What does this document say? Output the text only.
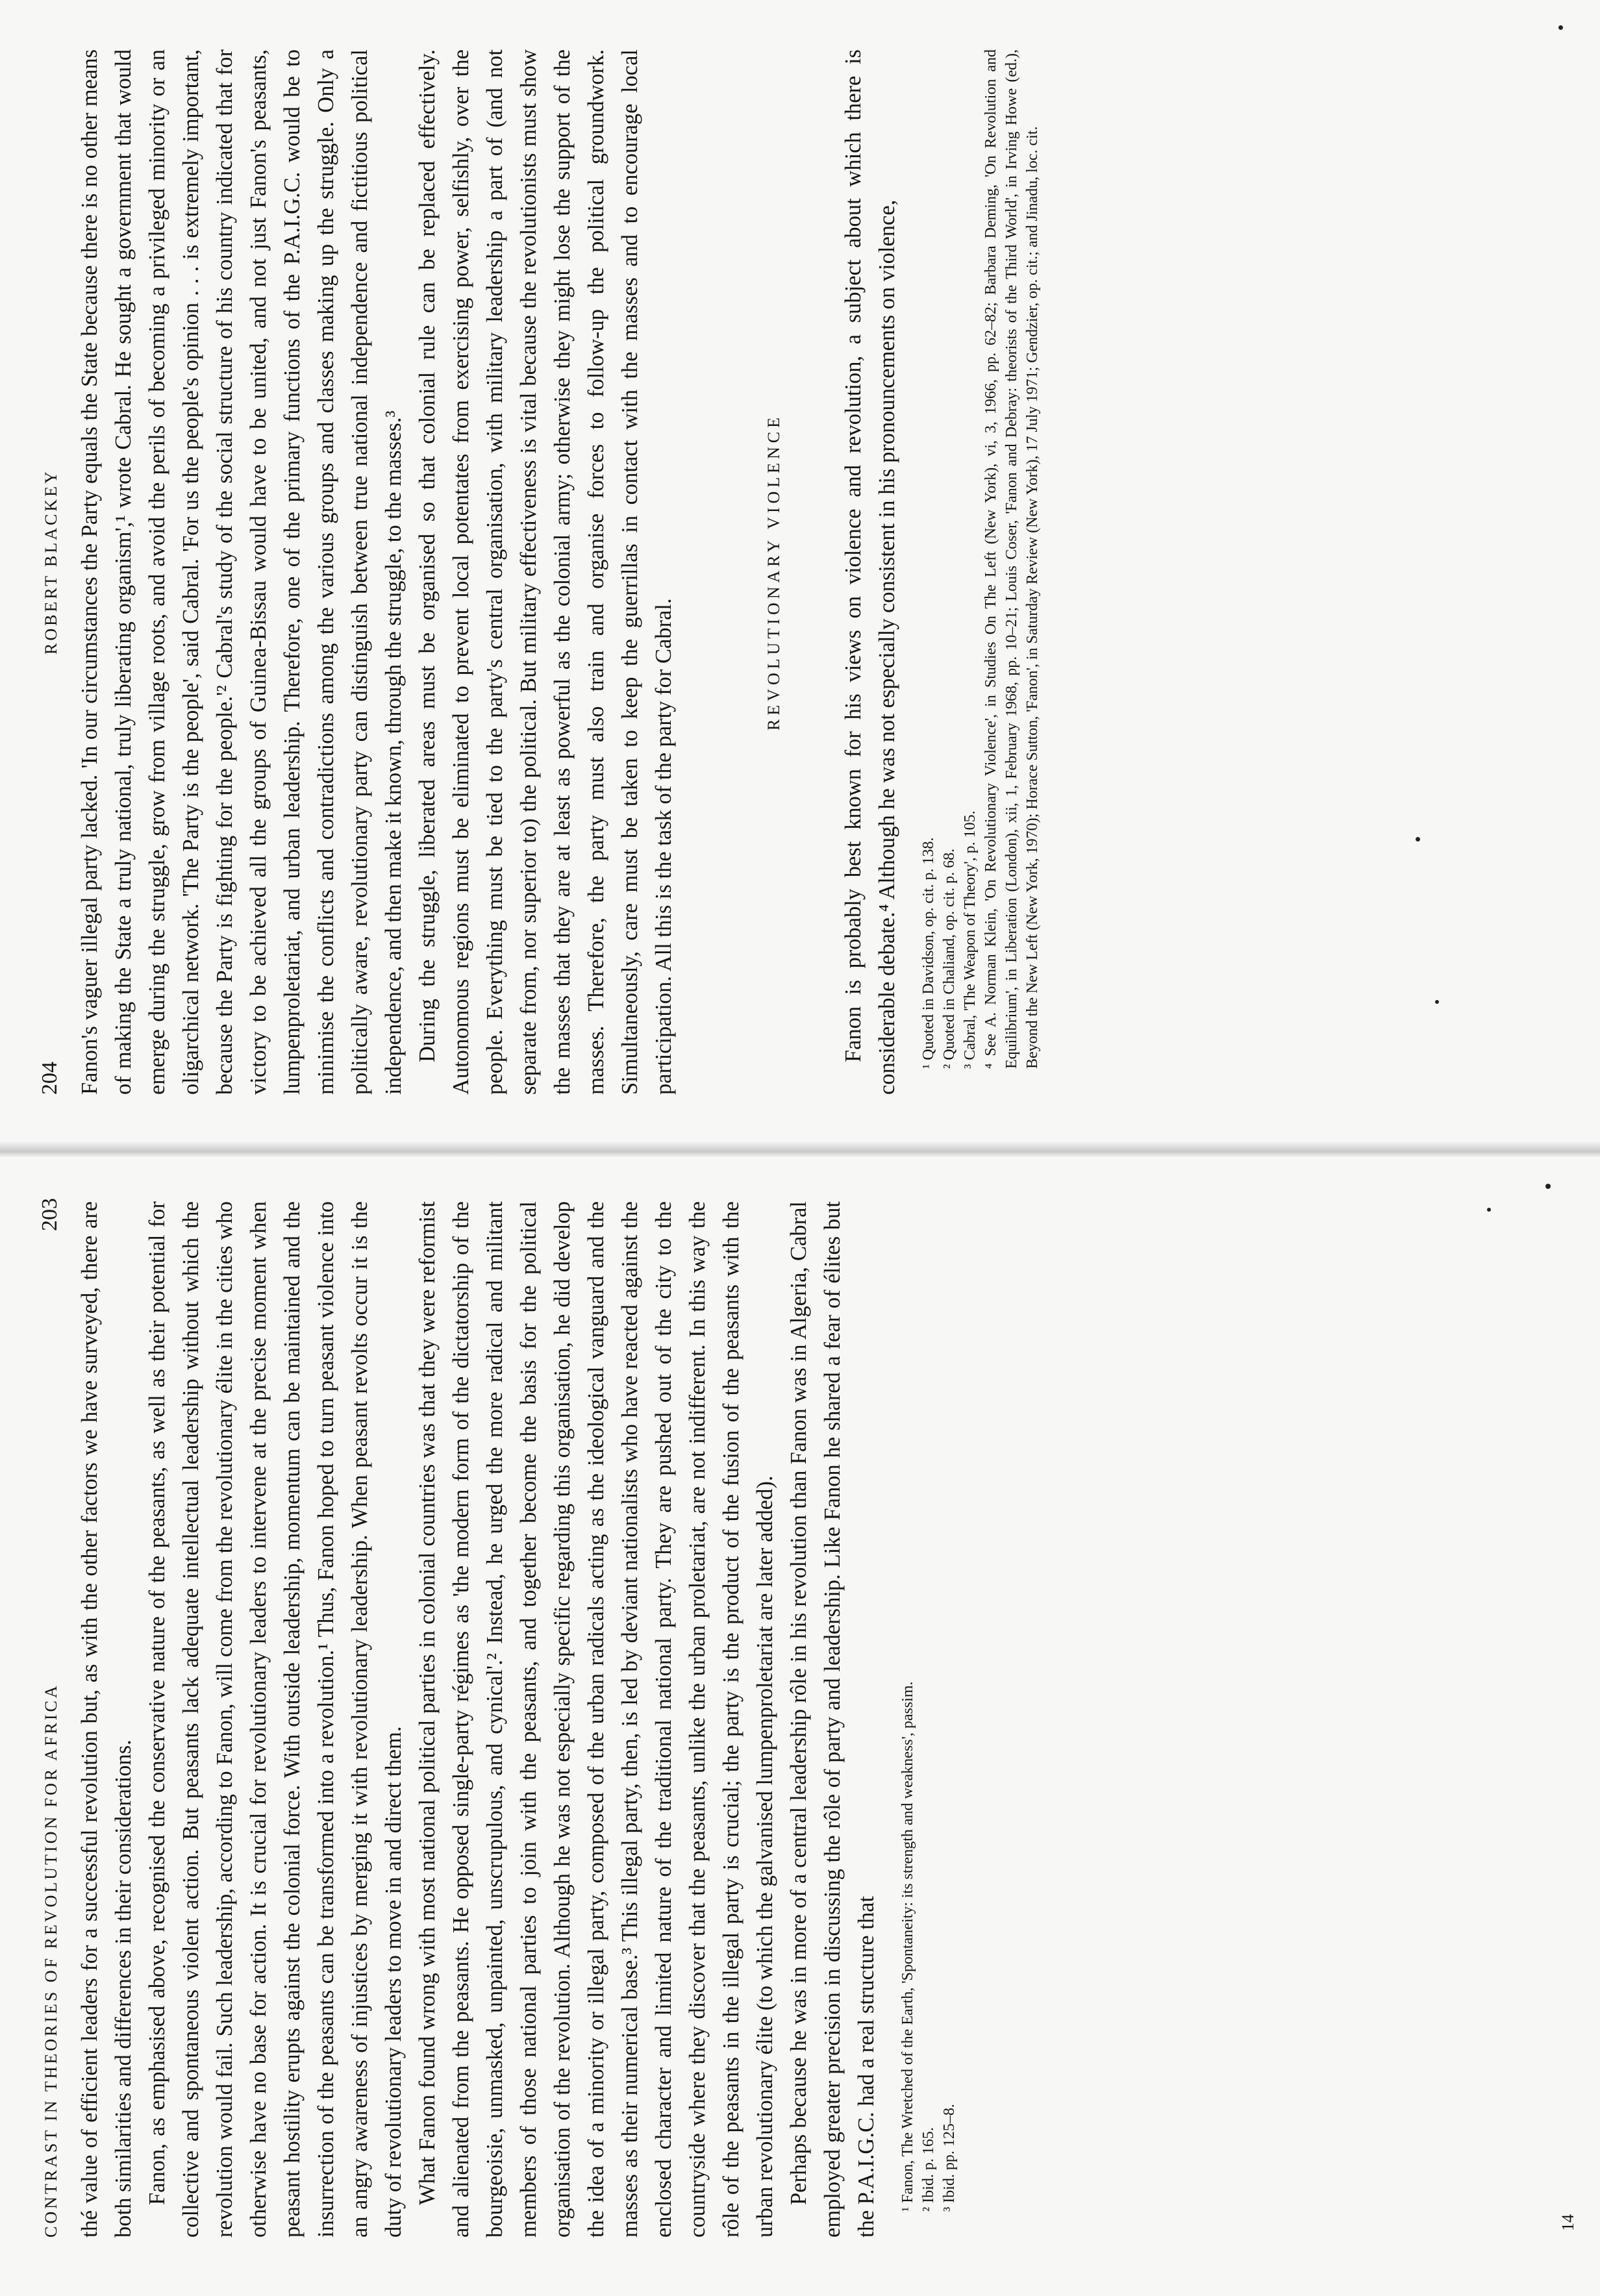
CONTRAST IN THEORIES OF REVOLUTION FOR AFRICA
203 thé value of efficient leaders for a successful revolution but, as with the other factors we have surveyed, there are both similarities and differences in their considerations. Fanon, as emphasised above, recognised the conservative nature of the peasants, as well as their potential for collective and spontaneous violent action. But peasants lack adequate intellectual leadership without which the revolution would fail. Such leadership, according to Fanon, will come from the revolutionary élite in the cities who otherwise have no base for action. It is crucial for revolutionary leaders to intervene at the precise moment when peasant hostility erupts against the colonial force. With outside leadership, momentum can be maintained and the insurrection of the peasants can be transformed into a revolution.¹ Thus, Fanon hoped to turn peasant violence into an angry awareness of injustices by merging it with revolutionary leadership. When peasant revolts occur it is the duty of revolutionary leaders to move in and direct them. What Fanon found wrong with most national political parties in colonial countries was that they were reformist and alienated from the peasants. He opposed single-party régimes as 'the modern form of the dictatorship of the bourgeoisie, unmasked, unpainted, unscrupulous, and cynical'.² Instead, he urged the more radical and militant members of those national parties to join with the peasants, and together become the basis for the political organisation of the revolution. Although he was not especially specific regarding this organisation, he did develop the idea of a minority or illegal party, composed of the urban radicals acting as the ideological vanguard and the masses as their numerical base.³ This illegal party, then, is led by deviant nationalists who have reacted against the enclosed character and limited nature of the traditional national party. They are pushed out of the city to the countryside where they discover that the peasants, unlike the urban proletariat, are not indifferent. In this way the rôle of the peasants in the illegal party is crucial; the party is the product of the fusion of the peasants with the urban revolutionary élite (to which the galvanised lumpenproletariat are later added). Perhaps because he was in more of a central leadership rôle in his revolution than Fanon was in Algeria, Cabral employed greater precision in discussing the rôle of party and leadership. Like Fanon he shared a fear of élites but the P.A.I.G.C. had a real structure that ¹ Fanon, The Wretched of the Earth, 'Spontaneity: its strength and weakness', passim. ² Ibid. p. 165. ³ Ibid. pp. 125–8.
14
204
ROBERT BLACKEY Fanon's vaguer illegal party lacked. 'In our circumstances the Party equals the State because there is no other means of making the State a truly national, truly liberating organism',¹ wrote Cabral. He sought a government that would emerge during the struggle, grow from village roots, and avoid the perils of becoming a privileged minority or an oligarchical network. 'The Party is the people', said Cabral. 'For us the people's opinion . . . is extremely important, because the Party is fighting for the people.'² Cabral's study of the social structure of his country indicated that for victory to be achieved all the groups of Guinea-Bissau would have to be united, and not just Fanon's peasants, lumpenproletariat, and urban leadership. Therefore, one of the primary functions of the P.A.I.G.C. would be to minimise the conflicts and contradictions among the various groups and classes making up the struggle. Only a politically aware, revolutionary party can distinguish between true national independence and fictitious political independence, and then make it known, through the struggle, to the masses.³ During the struggle, liberated areas must be organised so that colonial rule can be replaced effectively. Autonomous regions must be eliminated to prevent local potentates from exercising power, selfishly, over the people. Everything must be tied to the party's central organisation, with military leadership a part of (and not separate from, nor superior to) the political. But military effectiveness is vital because the revolutionists must show the masses that they are at least as powerful as the colonial army; otherwise they might lose the support of the masses. Therefore, the party must also train and organise forces to follow-up the political groundwork. Simultaneously, care must be taken to keep the guerrillas in contact with the masses and to encourage local participation. All this is the task of the party for Cabral.

REVOLUTIONARY VIOLENCE	Fanon is probably best known for his views on violence and revolution, a subject about which there is considerable debate.⁴ Although he was not especially consistent in his pronouncements on violence, ¹ Quoted in Davidson, op. cit. p. 138. ² Quoted in Chaliand, op. cit. p. 68. ³ Cabral, 'The Weapon of Theory', p. 105. ⁴ See A. Norman Klein, 'On Revolutionary Violence', in Studies On The Left (New York), vi, 3, 1966, pp. 62–82; Barbara Deming, 'On Revolution and Equilibrium', in Liberation (London), xii, 1, February 1968, pp. 10–21; Louis Coser, 'Fanon and Debray: theorists of the Third World', in Irving Howe (ed.), Beyond the New Left (New York, 1970); Horace Sutton, 'Fanon', in Saturday Review (New York), 17 July 1971; Gendzier, op. cit.; and Jinadu, loc. cit.
